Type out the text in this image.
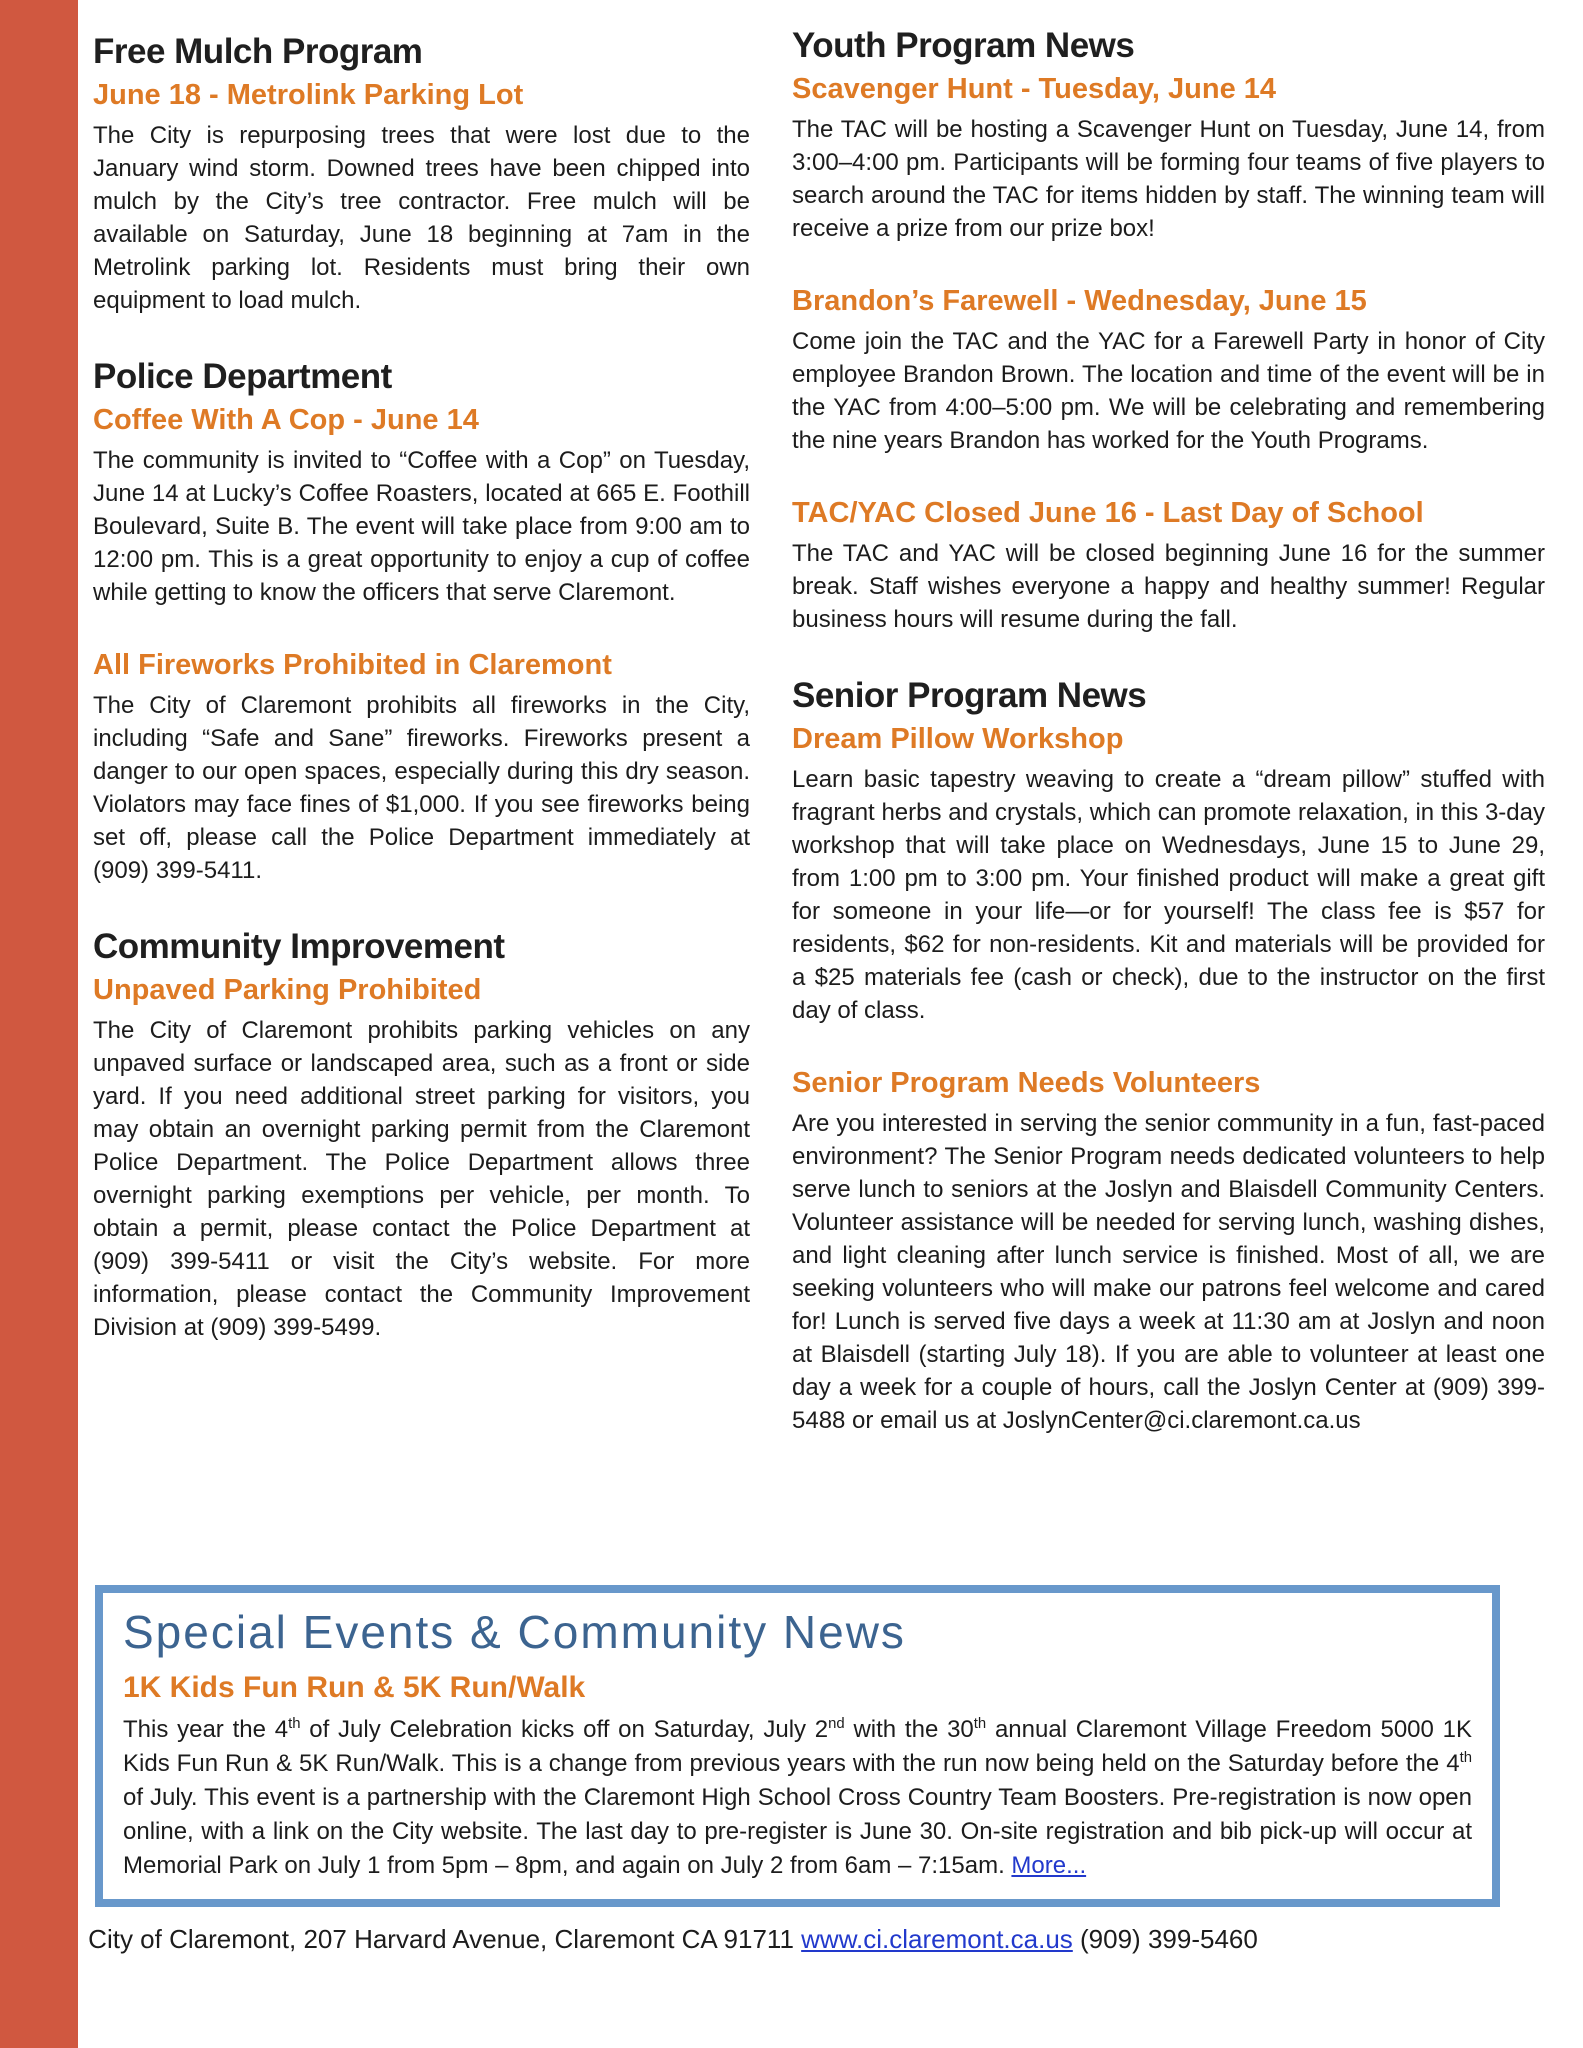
Free Mulch Program
June 18 - Metrolink Parking Lot

The City is repurposing trees that were lost due to the January wind storm. Downed trees have been chipped into mulch by the City’s tree contractor. Free mulch will be available on Saturday, June 18 beginning at 7am in the Metrolink parking lot. Residents must bring their own equipment to load mulch.

Police Department
Coffee With A Cop - June 14

The community is invited to “Coffee with a Cop” on Tuesday, June 14 at Lucky’s Coffee Roasters, located at 665 E. Foothill Boulevard, Suite B. The event will take place from 9:00 am to 12:00 pm. This is a great opportunity to enjoy a cup of coffee while getting to know the officers that serve Claremont.

All Fireworks Prohibited in Claremont

The City of Claremont prohibits all fireworks in the City, including “Safe and Sane” fireworks. Fireworks present a danger to our open spaces, especially during this dry season. Violators may face fines of $1,000. If you see fireworks being set off, please call the Police Department immediately at (909) 399-5411.

Community Improvement
Unpaved Parking Prohibited

The City of Claremont prohibits parking vehicles on any unpaved surface or landscaped area, such as a front or side yard. If you need additional street parking for visitors, you may obtain an overnight parking permit from the Claremont Police Department. The Police Department allows three overnight parking exemptions per vehicle, per month. To obtain a permit, please contact the Police Department at (909) 399-5411 or visit the City’s website. For more information, please contact the Community Improvement Division at (909) 399-5499.

Youth Program News
Scavenger Hunt - Tuesday, June 14

The TAC will be hosting a Scavenger Hunt on Tuesday, June 14, from 3:00–4:00 pm. Participants will be forming four teams of five players to search around the TAC for items hidden by staff. The winning team will receive a prize from our prize box!

Brandon’s Farewell - Wednesday, June 15

Come join the TAC and the YAC for a Farewell Party in honor of City employee Brandon Brown. The location and time of the event will be in the YAC from 4:00–5:00 pm. We will be celebrating and remembering the nine years Brandon has worked for the Youth Programs.

TAC/YAC Closed June 16 - Last Day of School

The TAC and YAC will be closed beginning June 16 for the summer break. Staff wishes everyone a happy and healthy summer! Regular business hours will resume during the fall.

Senior Program News
Dream Pillow Workshop

Learn basic tapestry weaving to create a “dream pillow” stuffed with fragrant herbs and crystals, which can promote relaxation, in this 3-day workshop that will take place on Wednesdays, June 15 to June 29, from 1:00 pm to 3:00 pm. Your finished product will make a great gift for someone in your life—or for yourself! The class fee is $57 for residents, $62 for non-residents. Kit and materials will be provided for a $25 materials fee (cash or check), due to the instructor on the first day of class.

Senior Program Needs Volunteers

Are you interested in serving the senior community in a fun, fast-paced environment? The Senior Program needs dedicated volunteers to help serve lunch to seniors at the Joslyn and Blaisdell Community Centers. Volunteer assistance will be needed for serving lunch, washing dishes, and light cleaning after lunch service is finished. Most of all, we are seeking volunteers who will make our patrons feel welcome and cared for! Lunch is served five days a week at 11:30 am at Joslyn and noon at Blaisdell (starting July 18). If you are able to volunteer at least one day a week for a couple of hours, call the Joslyn Center at (909) 399-5488 or email us at JoslynCenter@ci.claremont.ca.us

Special Events & Community News
1K Kids Fun Run & 5K Run/Walk

This year the 4th of July Celebration kicks off on Saturday, July 2nd with the 30th annual Claremont Village Freedom 5000 1K Kids Fun Run & 5K Run/Walk. This is a change from previous years with the run now being held on the Saturday before the 4th of July. This event is a partnership with the Claremont High School Cross Country Team Boosters. Pre-registration is now open online, with a link on the City website. The last day to pre-register is June 30. On-site registration and bib pick-up will occur at Memorial Park on July 1 from 5pm – 8pm, and again on July 2 from 6am – 7:15am. More...

City of Claremont, 207 Harvard Avenue, Claremont CA 91711 www.ci.claremont.ca.us (909) 399-5460
